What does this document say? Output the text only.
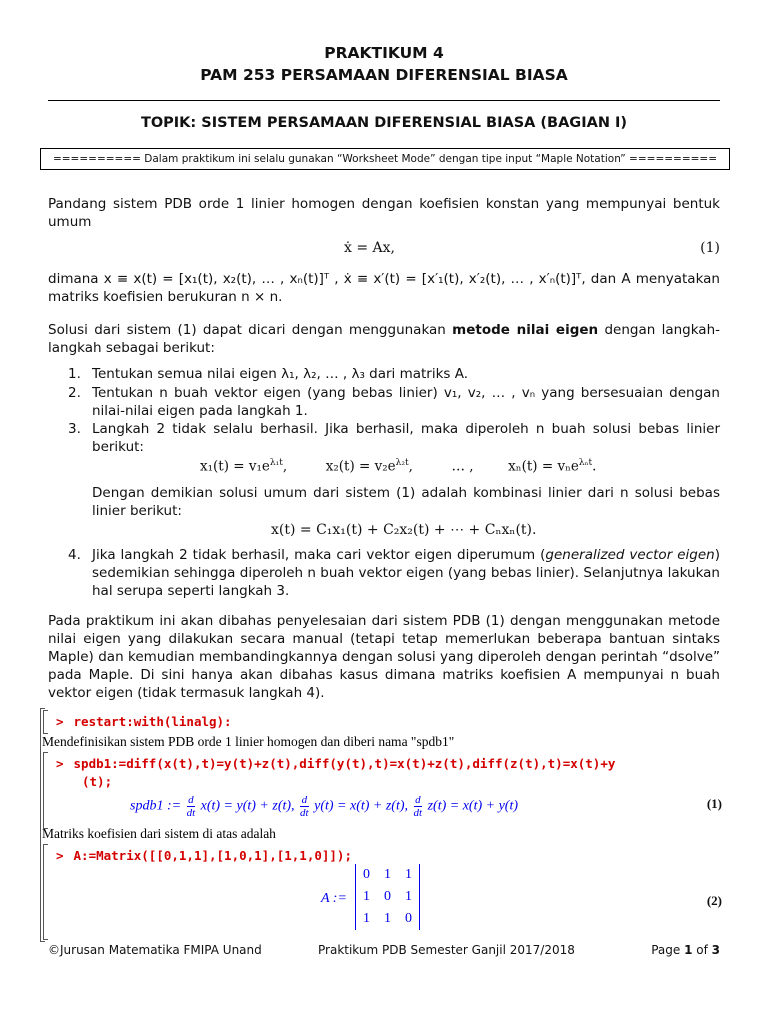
PRAKTIKUM 4
PAM 253 PERSAMAAN DIFERENSIAL BIASA
TOPIK: SISTEM PERSAMAAN DIFERENSIAL BIASA (BAGIAN I)
========== Dalam praktikum ini selalu gunakan “Worksheet Mode” dengan tipe input “Maple Notation” ==========
Pandang sistem PDB orde 1 linier homogen dengan koefisien konstan yang mempunyai bentuk umum
ẋ = Ax,	(1)
dimana x ≡ x(t) = [x₁(t), x₂(t), … , xₙ(t)]ᵀ , ẋ ≡ x′(t) = [x′₁(t), x′₂(t), … , x′ₙ(t)]ᵀ, dan A menyatakan matriks koefisien berukuran n × n.
Solusi dari sistem (1) dapat dicari dengan menggunakan metode nilai eigen dengan langkah-langkah sebagai berikut:
1. Tentukan semua nilai eigen λ₁, λ₂, … , λ₃ dari matriks A.
2. Tentukan n buah vektor eigen (yang bebas linier) v₁, v₂, … , vₙ yang bersesuaian dengan nilai-nilai eigen pada langkah 1.
3. Langkah 2 tidak selalu berhasil. Jika berhasil, maka diperoleh n buah solusi bebas linier berikut:
$x_1(t) = v_1e^{\lambda_1t}$,	$x_2(t) = v_2e^{\lambda_2t}$,	… ,	xₙ(t) = vₙe$^{\lambda_nt}$.
Dengan demikian solusi umum dari sistem (1) adalah kombinasi linier dari n solusi bebas linier berikut:
x(t) = C₁x₁(t) + C₂x₂(t) + ⋯ + Cₙxₙ(t).
4. Jika langkah 2 tidak berhasil, maka cari vektor eigen diperumum (generalized vector eigen) sedemikian sehingga diperoleh n buah vektor eigen (yang bebas linier). Selanjutnya lakukan hal serupa seperti langkah 3.
Pada praktikum ini akan dibahas penyelesaian dari sistem PDB (1) dengan menggunakan metode nilai eigen yang dilakukan secara manual (tetapi tetap memerlukan beberapa bantuan sintaks Maple) dan kemudian membandingkannya dengan solusi yang diperoleh dengan perintah “dsolve” pada Maple. Di sini hanya akan dibahas kasus dimana matriks koefisien A mempunyai n buah vektor eigen (tidak termasuk langkah 4).
> restart:with(linalg):
Mendefinisikan sistem PDB orde 1 linier homogen dan diberi nama "spdb1"
> spdb1:=diff(x(t),t)=y(t)+z(t),diff(y(t),t)=x(t)+z(t),diff(z(t),t)=x(t)+y
(t);
spdb1 := $\frac{d}{dt} x(t) = y(t) + z(t)$, $\frac{d}{dt} y(t) = x(t) + z(t)$, $\frac{d}{dt} z(t) = x(t) + y(t)$	(1)
Matriks koefisien dari sistem di atas adalah
> A:=Matrix([[0,1,1],[1,0,1],[1,1,0]]);
A :=
0	1	1
1	0	1
1	1	0
(2)
©Jurusan Matematika FMIPA Unand	Praktikum PDB Semester Ganjil 2017/2018	Page 1 of 3
